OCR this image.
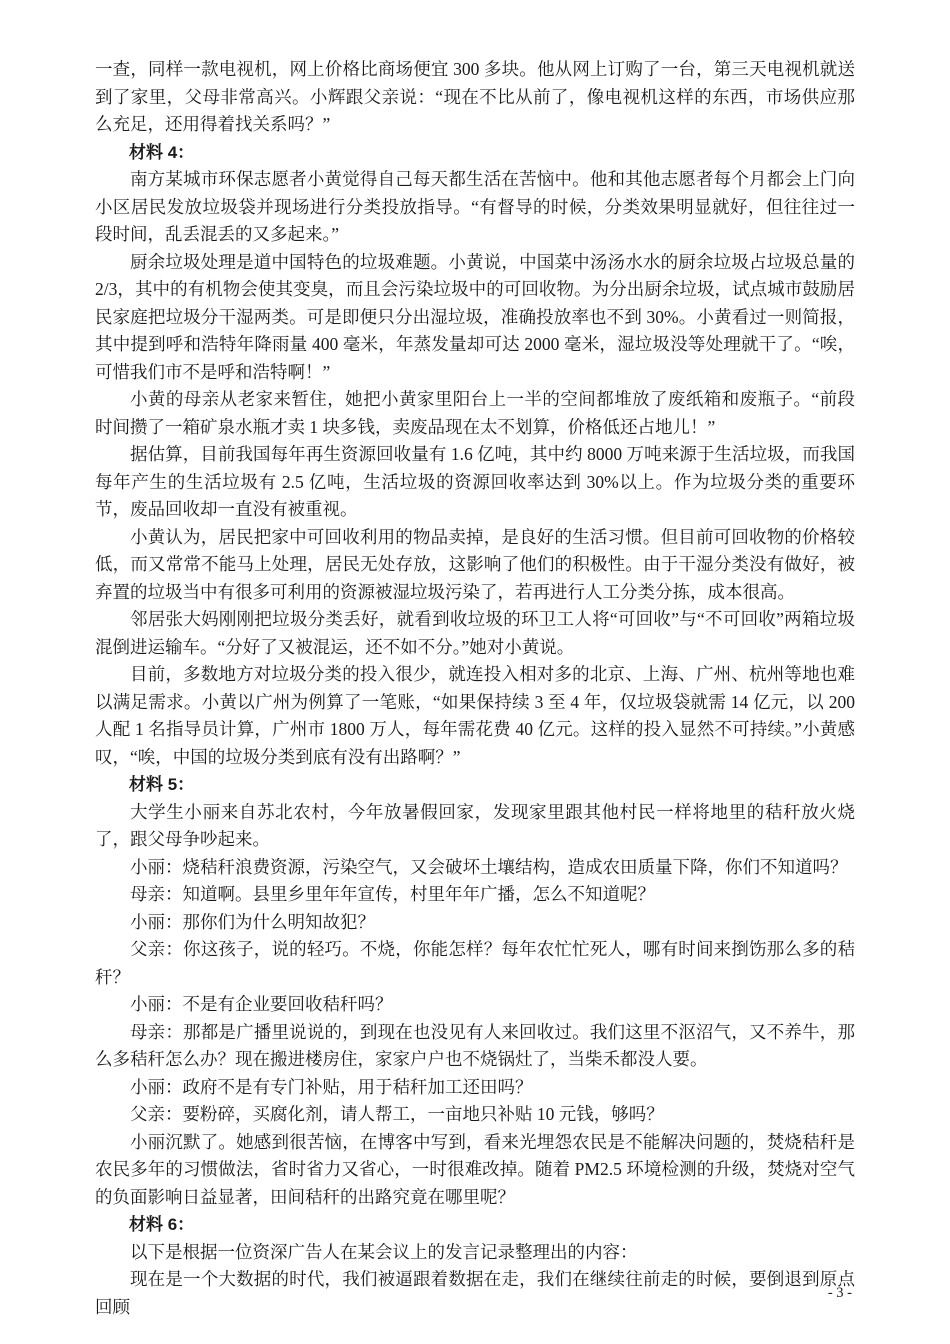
一查，同样一款电视机，网上价格比商场便宜 300 多块。他从网上订购了一台，第三天电视机就送到了家里，父母非常高兴。小辉跟父亲说：“现在不比从前了，像电视机这样的东西，市场供应那么充足，还用得着找关系吗？”

材料 4：

南方某城市环保志愿者小黄觉得自己每天都生活在苦恼中。他和其他志愿者每个月都会上门向小区居民发放垃圾袋并现场进行分类投放指导。“有督导的时候，分类效果明显就好，但往往过一段时间，乱丢混丢的又多起来。”

厨余垃圾处理是道中国特色的垃圾难题。小黄说，中国菜中汤汤水水的厨余垃圾占垃圾总量的 2/3，其中的有机物会使其变臭，而且会污染垃圾中的可回收物。为分出厨余垃圾，试点城市鼓励居民家庭把垃圾分干湿两类。可是即便只分出湿垃圾，准确投放率也不到 30%。小黄看过一则简报，其中提到呼和浩特年降雨量 400 毫米，年蒸发量却可达 2000 毫米，湿垃圾没等处理就干了。“唉，可惜我们市不是呼和浩特啊！”

小黄的母亲从老家来暂住，她把小黄家里阳台上一半的空间都堆放了废纸箱和废瓶子。“前段时间攒了一箱矿泉水瓶才卖 1 块多钱，卖废品现在太不划算，价格低还占地儿！”

据估算，目前我国每年再生资源回收量有 1.6 亿吨，其中约 8000 万吨来源于生活垃圾，而我国每年产生的生活垃圾有 2.5 亿吨，生活垃圾的资源回收率达到 30%以上。作为垃圾分类的重要环节，废品回收却一直没有被重视。

小黄认为，居民把家中可回收利用的物品卖掉，是良好的生活习惯。但目前可回收物的价格较低，而又常常不能马上处理，居民无处存放，这影响了他们的积极性。由于干湿分类没有做好，被弃置的垃圾当中有很多可利用的资源被湿垃圾污染了，若再进行人工分类分拣，成本很高。

邻居张大妈刚刚把垃圾分类丢好，就看到收垃圾的环卫工人将“可回收”与“不可回收”两箱垃圾混倒进运输车。“分好了又被混运，还不如不分。”她对小黄说。

目前，多数地方对垃圾分类的投入很少，就连投入相对多的北京、上海、广州、杭州等地也难以满足需求。小黄以广州为例算了一笔账，“如果保持续 3 至 4 年，仅垃圾袋就需 14 亿元，以 200 人配 1 名指导员计算，广州市 1800 万人，每年需花费 40 亿元。这样的投入显然不可持续。”小黄感叹，“唉，中国的垃圾分类到底有没有出路啊？”

材料 5：

大学生小丽来自苏北农村，今年放暑假回家，发现家里跟其他村民一样将地里的秸秆放火烧了，跟父母争吵起来。

小丽：烧秸秆浪费资源，污染空气，又会破坏土壤结构，造成农田质量下降，你们不知道吗？

母亲：知道啊。县里乡里年年宣传，村里年年广播，怎么不知道呢？

小丽：那你们为什么明知故犯？

父亲：你这孩子，说的轻巧。不烧，你能怎样？每年农忙忙死人，哪有时间来捯饬那么多的秸秆？

小丽：不是有企业要回收秸秆吗？

母亲：那都是广播里说说的，到现在也没见有人来回收过。我们这里不沤沼气，又不养牛，那么多秸秆怎么办？现在搬进楼房住，家家户户也不烧锅灶了，当柴禾都没人要。

小丽：政府不是有专门补贴，用于秸秆加工还田吗？

父亲：要粉碎，买腐化剂，请人帮工，一亩地只补贴 10 元钱，够吗？

小丽沉默了。她感到很苦恼，在博客中写到，看来光埋怨农民是不能解决问题的，焚烧秸秆是农民多年的习惯做法，省时省力又省心，一时很难改掉。随着 PM2.5 环境检测的升级，焚烧对空气的负面影响日益显著，田间秸秆的出路究竟在哪里呢？

材料 6：

以下是根据一位资深广告人在某会议上的发言记录整理出的内容：

现在是一个大数据的时代，我们被逼跟着数据在走，我们在继续往前走的时候，要倒退到原点回顾

- 3 -
